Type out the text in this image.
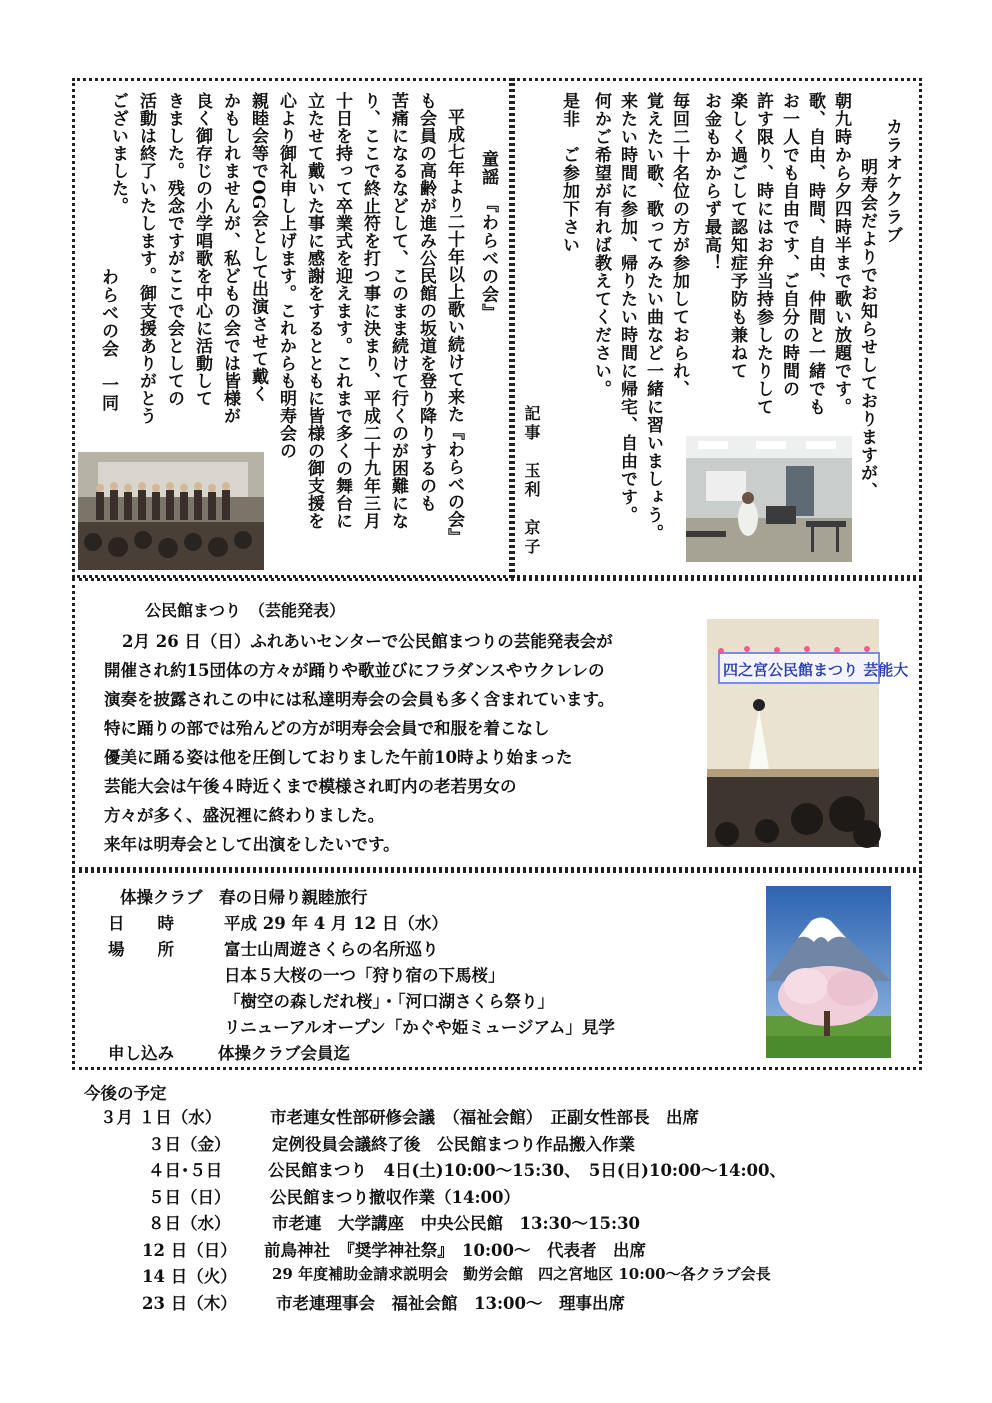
カラオケクラブ
明寿会だよりでお知らせしておりますが、
朝九時から夕四時半まで歌い放題です。
歌、自由、時間、自由、仲間と一緒でも
お一人でも自由です、ご自分の時間の
許す限り、時にはお弁当持参したりして
楽しく過ごして認知症予防も兼ねて
お金もかからず最高！
毎回二十名位の方が参加しておられ、
覚えたい歌、歌ってみたい曲など一緒に習いましょう。
来たい時間に参加、帰りたい時間に帰宅、自由です。
何かご希望が有れば教えてください。
是非　ご参加下さい
記事　玉利　京子
童謡　『わらべの会』
平成七年より二十年以上歌い続けて来た『わらべの会』
も会員の高齢が進み公民館の坂道を登り降りするのも
苦痛になるなどして、このまま続けて行くのが困難にな
り、ここで終止符を打つ事に決まり、平成二十九年三月
十日を持って卒業式を迎えます。これまで多くの舞台に
立たせて戴いた事に感謝をするとともに皆様の御支援を
心より御礼申し上げます。これからも明寿会の
親睦会等でOG会として出演させて戴く
かもしれませんが、私どもの会では皆様が
良く御存じの小学唱歌を中心に活動して
きました。残念ですがここで会としての
活動は終了いたします。御支援ありがとう
ございました。
わらべの会　一同
公民館まつり　（芸能発表）
2月 26 日（日）ふれあいセンターで公民館まつりの芸能発表会が
開催され約15団体の方々が踊りや歌並びにフラダンスやウクレレの
演奏を披露されこの中には私達明寿会の会員も多く含まれています。
特に踊りの部では殆んどの方が明寿会会員で和服を着こなし
優美に踊る姿は他を圧倒しておりました午前10時より始まった
芸能大会は午後４時近くまで模様され町内の老若男女の
方々が多く、盛況裡に終わりました。
来年は明寿会として出演をしたいです。
四之宮公民館まつり 芸能大
体操クラブ　春の日帰り親睦旅行
日　　時	平成 29 年 4 月 12 日（水）
場　　所	富士山周遊さくらの名所巡り
日本５大桜の一つ「狩り宿の下馬桜」
「樹空の森しだれ桜」・「河口湖さくら祭り」
リニューアルオープン「かぐや姫ミュージアム」見学
申し込み	体操クラブ会員迄
今後の予定
３月 １日（水）	市老連女性部研修会議　（福祉会館）　正副女性部長　出席
３日（金）	定例役員会議終了後　公民館まつり作品搬入作業
４日･５日	公民館まつり　4日(土)10:00～15:30、　5日(日)10:00～14:00、
５日（日） 公民館まつり撤収作業（14:00）
８日（水）	市老連　大学講座　中央公民館　13:30～15:30
12 日（日） 前鳥神社　『奨学神社祭』　10:00～　代表者　出席
14 日（火） 29 年度補助金請求説明会　勤労会館　四之宮地区 10:00～各クラブ会長
23 日（木） 市老連理事会　福祉会館　13:00～　理事出席
